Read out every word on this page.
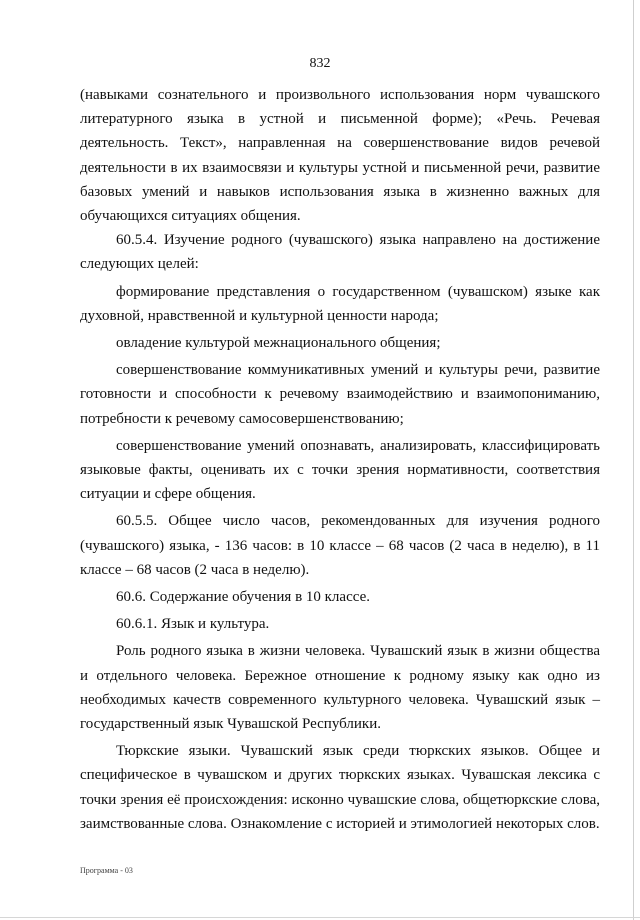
832

(навыками сознательного и произвольного использования норм чувашского литературного языка в устной и письменной форме); «Речь. Речевая деятельность. Текст», направленная на совершенствование видов речевой деятельности в их взаимосвязи и культуры устной и письменной речи, развитие базовых умений и навыков использования языка в жизненно важных для обучающихся ситуациях общения.

60.5.4. Изучение родного (чувашского) языка направлено на достижение следующих целей:

формирование представления о государственном (чувашском) языке как духовной, нравственной и культурной ценности народа;

овладение культурой межнационального общения;

совершенствование коммуникативных умений и культуры речи, развитие готовности и способности к речевому взаимодействию и взаимопониманию, потребности к речевому самосовершенствованию;

совершенствование умений опознавать, анализировать, классифицировать языковые факты, оценивать их с точки зрения нормативности, соответствия ситуации и сфере общения.

60.5.5. Общее число часов, рекомендованных для изучения родного (чувашского) языка, - 136 часов: в 10 классе – 68 часов (2 часа в неделю), в 11 классе – 68 часов (2 часа в неделю).

60.6. Содержание обучения в 10 классе.

60.6.1. Язык и культура.

Роль родного языка в жизни человека. Чувашский язык в жизни общества и отдельного человека. Бережное отношение к родному языку как одно из необходимых качеств современного культурного человека. Чувашский язык – государственный язык Чувашской Республики.

Тюркские языки. Чувашский язык среди тюркских языков. Общее и специфическое в чувашском и других тюркских языках. Чувашская лексика с точки зрения её происхождения: исконно чувашские слова, общетюркские слова, заимствованные слова. Ознакомление с историей и этимологией некоторых слов.

Программа - 03
